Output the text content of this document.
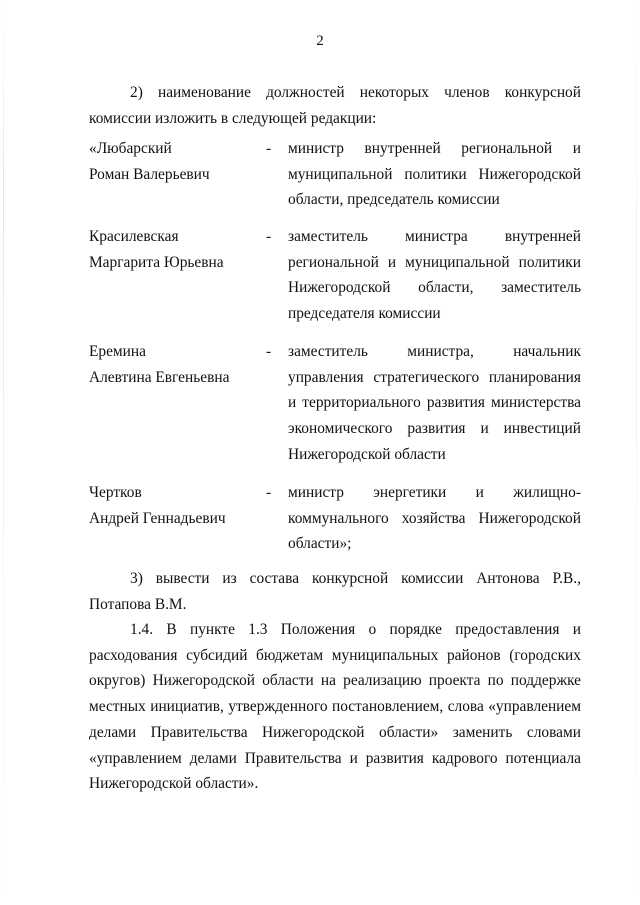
2

2) наименование должностей некоторых членов конкурсной комиссии изложить в следующей редакции:

«Любарский
Роман Валерьевич
- министр внутренней региональной и муниципальной политики Нижегородской области, председатель комиссии
Красилевская
Маргарита Юрьевна
- заместитель министра внутренней региональной и муниципальной политики Нижегородской области, заместитель председателя комиссии
Еремина
Алевтина Евгеньевна
- заместитель министра, начальник управления стратегического планирования и территориального развития министерства экономического развития и инвестиций Нижегородской области
Чертков
Андрей Геннадьевич
- министр энергетики и жилищно-коммунального хозяйства Нижегородской области»;

3) вывести из состава конкурсной комиссии Антонова Р.В., Потапова В.М.

1.4. В пункте 1.3 Положения о порядке предоставления и расходования субсидий бюджетам муниципальных районов (городских округов) Нижегородской области на реализацию проекта по поддержке местных инициатив, утвержденного постановлением, слова «управлением делами Правительства Нижегородской области» заменить словами «управлением делами Правительства и развития кадрового потенциала Нижегородской области».
